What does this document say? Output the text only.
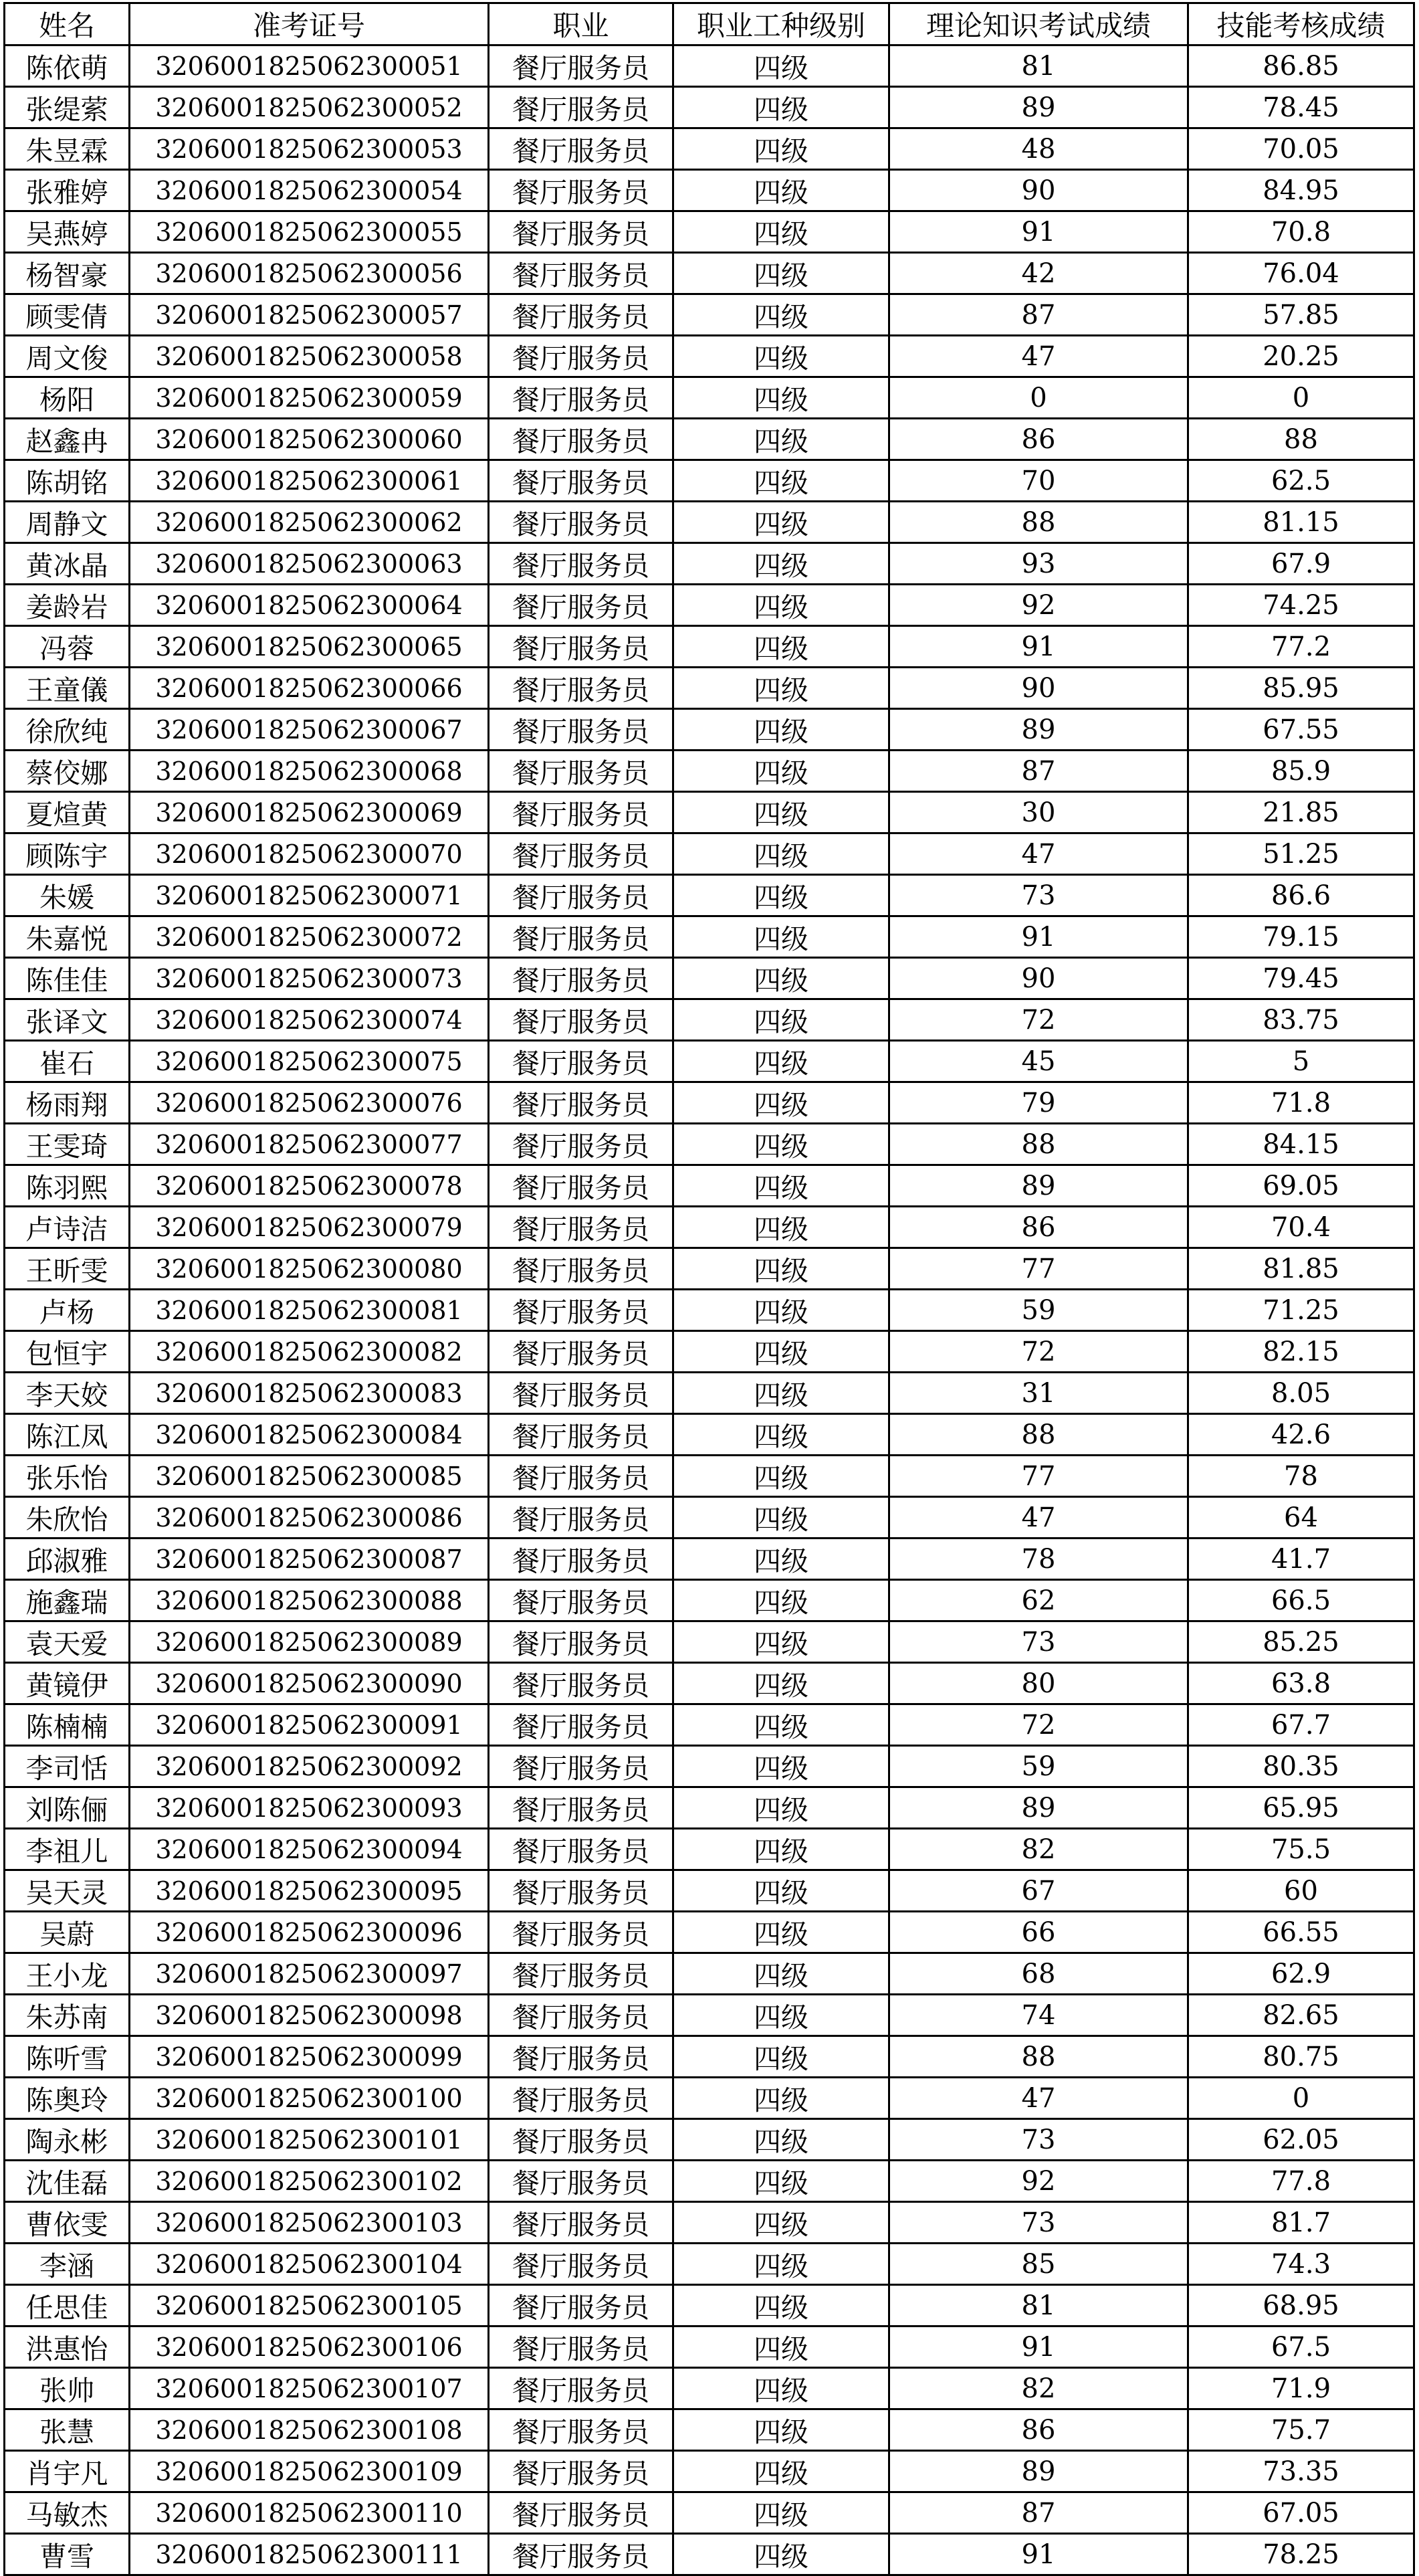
姓名	准考证号	职业	职业工种级别	理论知识考试成绩	技能考核成绩
陈依萌	3206001825062300051	餐厅服务员	四级	81	86.85
张缇萦	3206001825062300052	餐厅服务员	四级	89	78.45
朱昱霖	3206001825062300053	餐厅服务员	四级	48	70.05
张雅婷	3206001825062300054	餐厅服务员	四级	90	84.95
吴燕婷	3206001825062300055	餐厅服务员	四级	91	70.8
杨智豪	3206001825062300056	餐厅服务员	四级	42	76.04
顾雯倩	3206001825062300057	餐厅服务员	四级	87	57.85
周文俊	3206001825062300058	餐厅服务员	四级	47	20.25
杨阳	3206001825062300059	餐厅服务员	四级	0	0
赵鑫冉	3206001825062300060	餐厅服务员	四级	86	88
陈胡铭	3206001825062300061	餐厅服务员	四级	70	62.5
周静文	3206001825062300062	餐厅服务员	四级	88	81.15
黄冰晶	3206001825062300063	餐厅服务员	四级	93	67.9
姜龄岩	3206001825062300064	餐厅服务员	四级	92	74.25
冯蓉	3206001825062300065	餐厅服务员	四级	91	77.2
王童儀	3206001825062300066	餐厅服务员	四级	90	85.95
徐欣纯	3206001825062300067	餐厅服务员	四级	89	67.55
蔡佼娜	3206001825062300068	餐厅服务员	四级	87	85.9
夏煊黄	3206001825062300069	餐厅服务员	四级	30	21.85
顾陈宇	3206001825062300070	餐厅服务员	四级	47	51.25
朱媛	3206001825062300071	餐厅服务员	四级	73	86.6
朱嘉悦	3206001825062300072	餐厅服务员	四级	91	79.15
陈佳佳	3206001825062300073	餐厅服务员	四级	90	79.45
张译文	3206001825062300074	餐厅服务员	四级	72	83.75
崔石	3206001825062300075	餐厅服务员	四级	45	5
杨雨翔	3206001825062300076	餐厅服务员	四级	79	71.8
王雯琦	3206001825062300077	餐厅服务员	四级	88	84.15
陈羽熙	3206001825062300078	餐厅服务员	四级	89	69.05
卢诗洁	3206001825062300079	餐厅服务员	四级	86	70.4
王昕雯	3206001825062300080	餐厅服务员	四级	77	81.85
卢杨	3206001825062300081	餐厅服务员	四级	59	71.25
包恒宇	3206001825062300082	餐厅服务员	四级	72	82.15
李天姣	3206001825062300083	餐厅服务员	四级	31	8.05
陈江凤	3206001825062300084	餐厅服务员	四级	88	42.6
张乐怡	3206001825062300085	餐厅服务员	四级	77	78
朱欣怡	3206001825062300086	餐厅服务员	四级	47	64
邱淑雅	3206001825062300087	餐厅服务员	四级	78	41.7
施鑫瑞	3206001825062300088	餐厅服务员	四级	62	66.5
袁天爱	3206001825062300089	餐厅服务员	四级	73	85.25
黄镜伊	3206001825062300090	餐厅服务员	四级	80	63.8
陈楠楠	3206001825062300091	餐厅服务员	四级	72	67.7
李司恬	3206001825062300092	餐厅服务员	四级	59	80.35
刘陈俪	3206001825062300093	餐厅服务员	四级	89	65.95
李祖儿	3206001825062300094	餐厅服务员	四级	82	75.5
吴天灵	3206001825062300095	餐厅服务员	四级	67	60
吴蔚	3206001825062300096	餐厅服务员	四级	66	66.55
王小龙	3206001825062300097	餐厅服务员	四级	68	62.9
朱苏南	3206001825062300098	餐厅服务员	四级	74	82.65
陈听雪	3206001825062300099	餐厅服务员	四级	88	80.75
陈奥玲	3206001825062300100	餐厅服务员	四级	47	0
陶永彬	3206001825062300101	餐厅服务员	四级	73	62.05
沈佳磊	3206001825062300102	餐厅服务员	四级	92	77.8
曹依雯	3206001825062300103	餐厅服务员	四级	73	81.7
李涵	3206001825062300104	餐厅服务员	四级	85	74.3
任思佳	3206001825062300105	餐厅服务员	四级	81	68.95
洪惠怡	3206001825062300106	餐厅服务员	四级	91	67.5
张帅	3206001825062300107	餐厅服务员	四级	82	71.9
张慧	3206001825062300108	餐厅服务员	四级	86	75.7
肖宇凡	3206001825062300109	餐厅服务员	四级	89	73.35
马敏杰	3206001825062300110	餐厅服务员	四级	87	67.05
曹雪	3206001825062300111	餐厅服务员	四级	91	78.25
